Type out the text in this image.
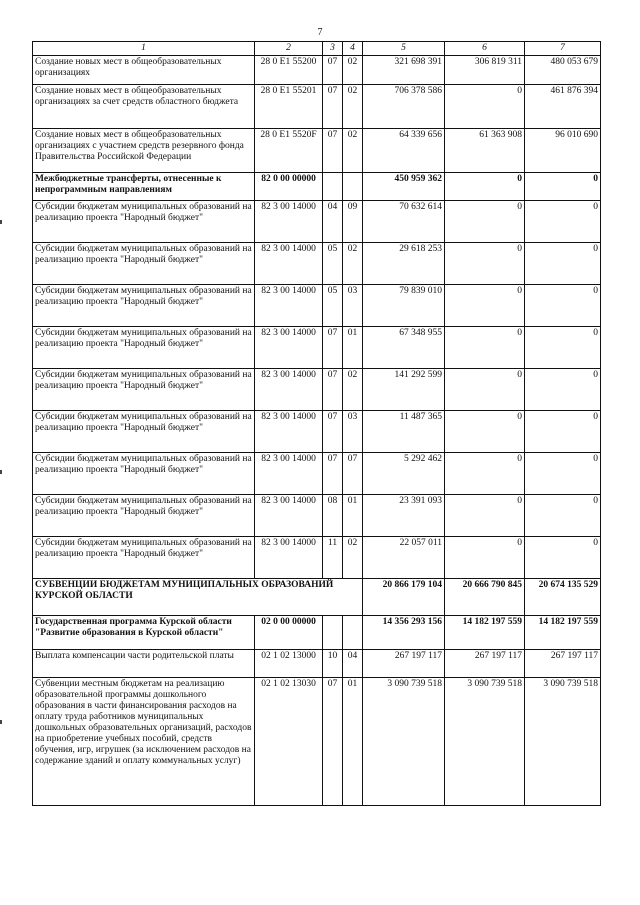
7
1	2	3	4	5	6	7
Создание новых мест в общеобразовательных организациях	28 0 E1 55200	07	02	321 698 391	306 819 311	480 053 679
Создание новых мест в общеобразовательных организациях за счет средств областного бюджета	28 0 E1 55201	07	02	706 378 586	0	461 876 394
Создание новых мест в общеобразовательных организациях с участием средств резервного фонда Правительства Российской Федерации	28 0 E1 5520F	07	02	64 339 656	61 363 908	96 010 690
Межбюджетные трансферты, отнесенные к непрограммным направлениям	82 0 00 00000			450 959 362	0	0
Субсидии бюджетам муниципальных образований на реализацию проекта "Народный бюджет"	82 3 00 14000	04	09	70 632 614	0	0
Субсидии бюджетам муниципальных образований на реализацию проекта "Народный бюджет"	82 3 00 14000	05	02	29 618 253	0	0
Субсидии бюджетам муниципальных образований на реализацию проекта "Народный бюджет"	82 3 00 14000	05	03	79 839 010	0	0
Субсидии бюджетам муниципальных образований на реализацию проекта "Народный бюджет"	82 3 00 14000	07	01	67 348 955	0	0
Субсидии бюджетам муниципальных образований на реализацию проекта "Народный бюджет"	82 3 00 14000	07	02	141 292 599	0	0
Субсидии бюджетам муниципальных образований на реализацию проекта "Народный бюджет"	82 3 00 14000	07	03	11 487 365	0	0
Субсидии бюджетам муниципальных образований на реализацию проекта "Народный бюджет"	82 3 00 14000	07	07	5 292 462	0	0
Субсидии бюджетам муниципальных образований на реализацию проекта "Народный бюджет"	82 3 00 14000	08	01	23 391 093	0	0
Субсидии бюджетам муниципальных образований на реализацию проекта "Народный бюджет"	82 3 00 14000	11	02	22 057 011	0	0
СУБВЕНЦИИ БЮДЖЕТАМ МУНИЦИПАЛЬНЫХ ОБРАЗОВАНИЙ КУРСКОЙ ОБЛАСТИ				20 866 179 104	20 666 790 845	20 674 135 529
Государственная программа Курской области "Развитие образования в Курской области"	02 0 00 00000			14 356 293 156	14 182 197 559	14 182 197 559
Выплата компенсации части родительской платы	02 1 02 13000	10	04	267 197 117	267 197 117	267 197 117
Субвенции местным бюджетам на реализацию образовательной программы дошкольного образования в части финансирования расходов на оплату труда работников муниципальных дошкольных образовательных организаций, расходов на приобретение учебных пособий, средств обучения, игр, игрушек (за исключением расходов на содержание зданий и оплату коммунальных услуг)	02 1 02 13030	07	01	3 090 739 518	3 090 739 518	3 090 739 518
